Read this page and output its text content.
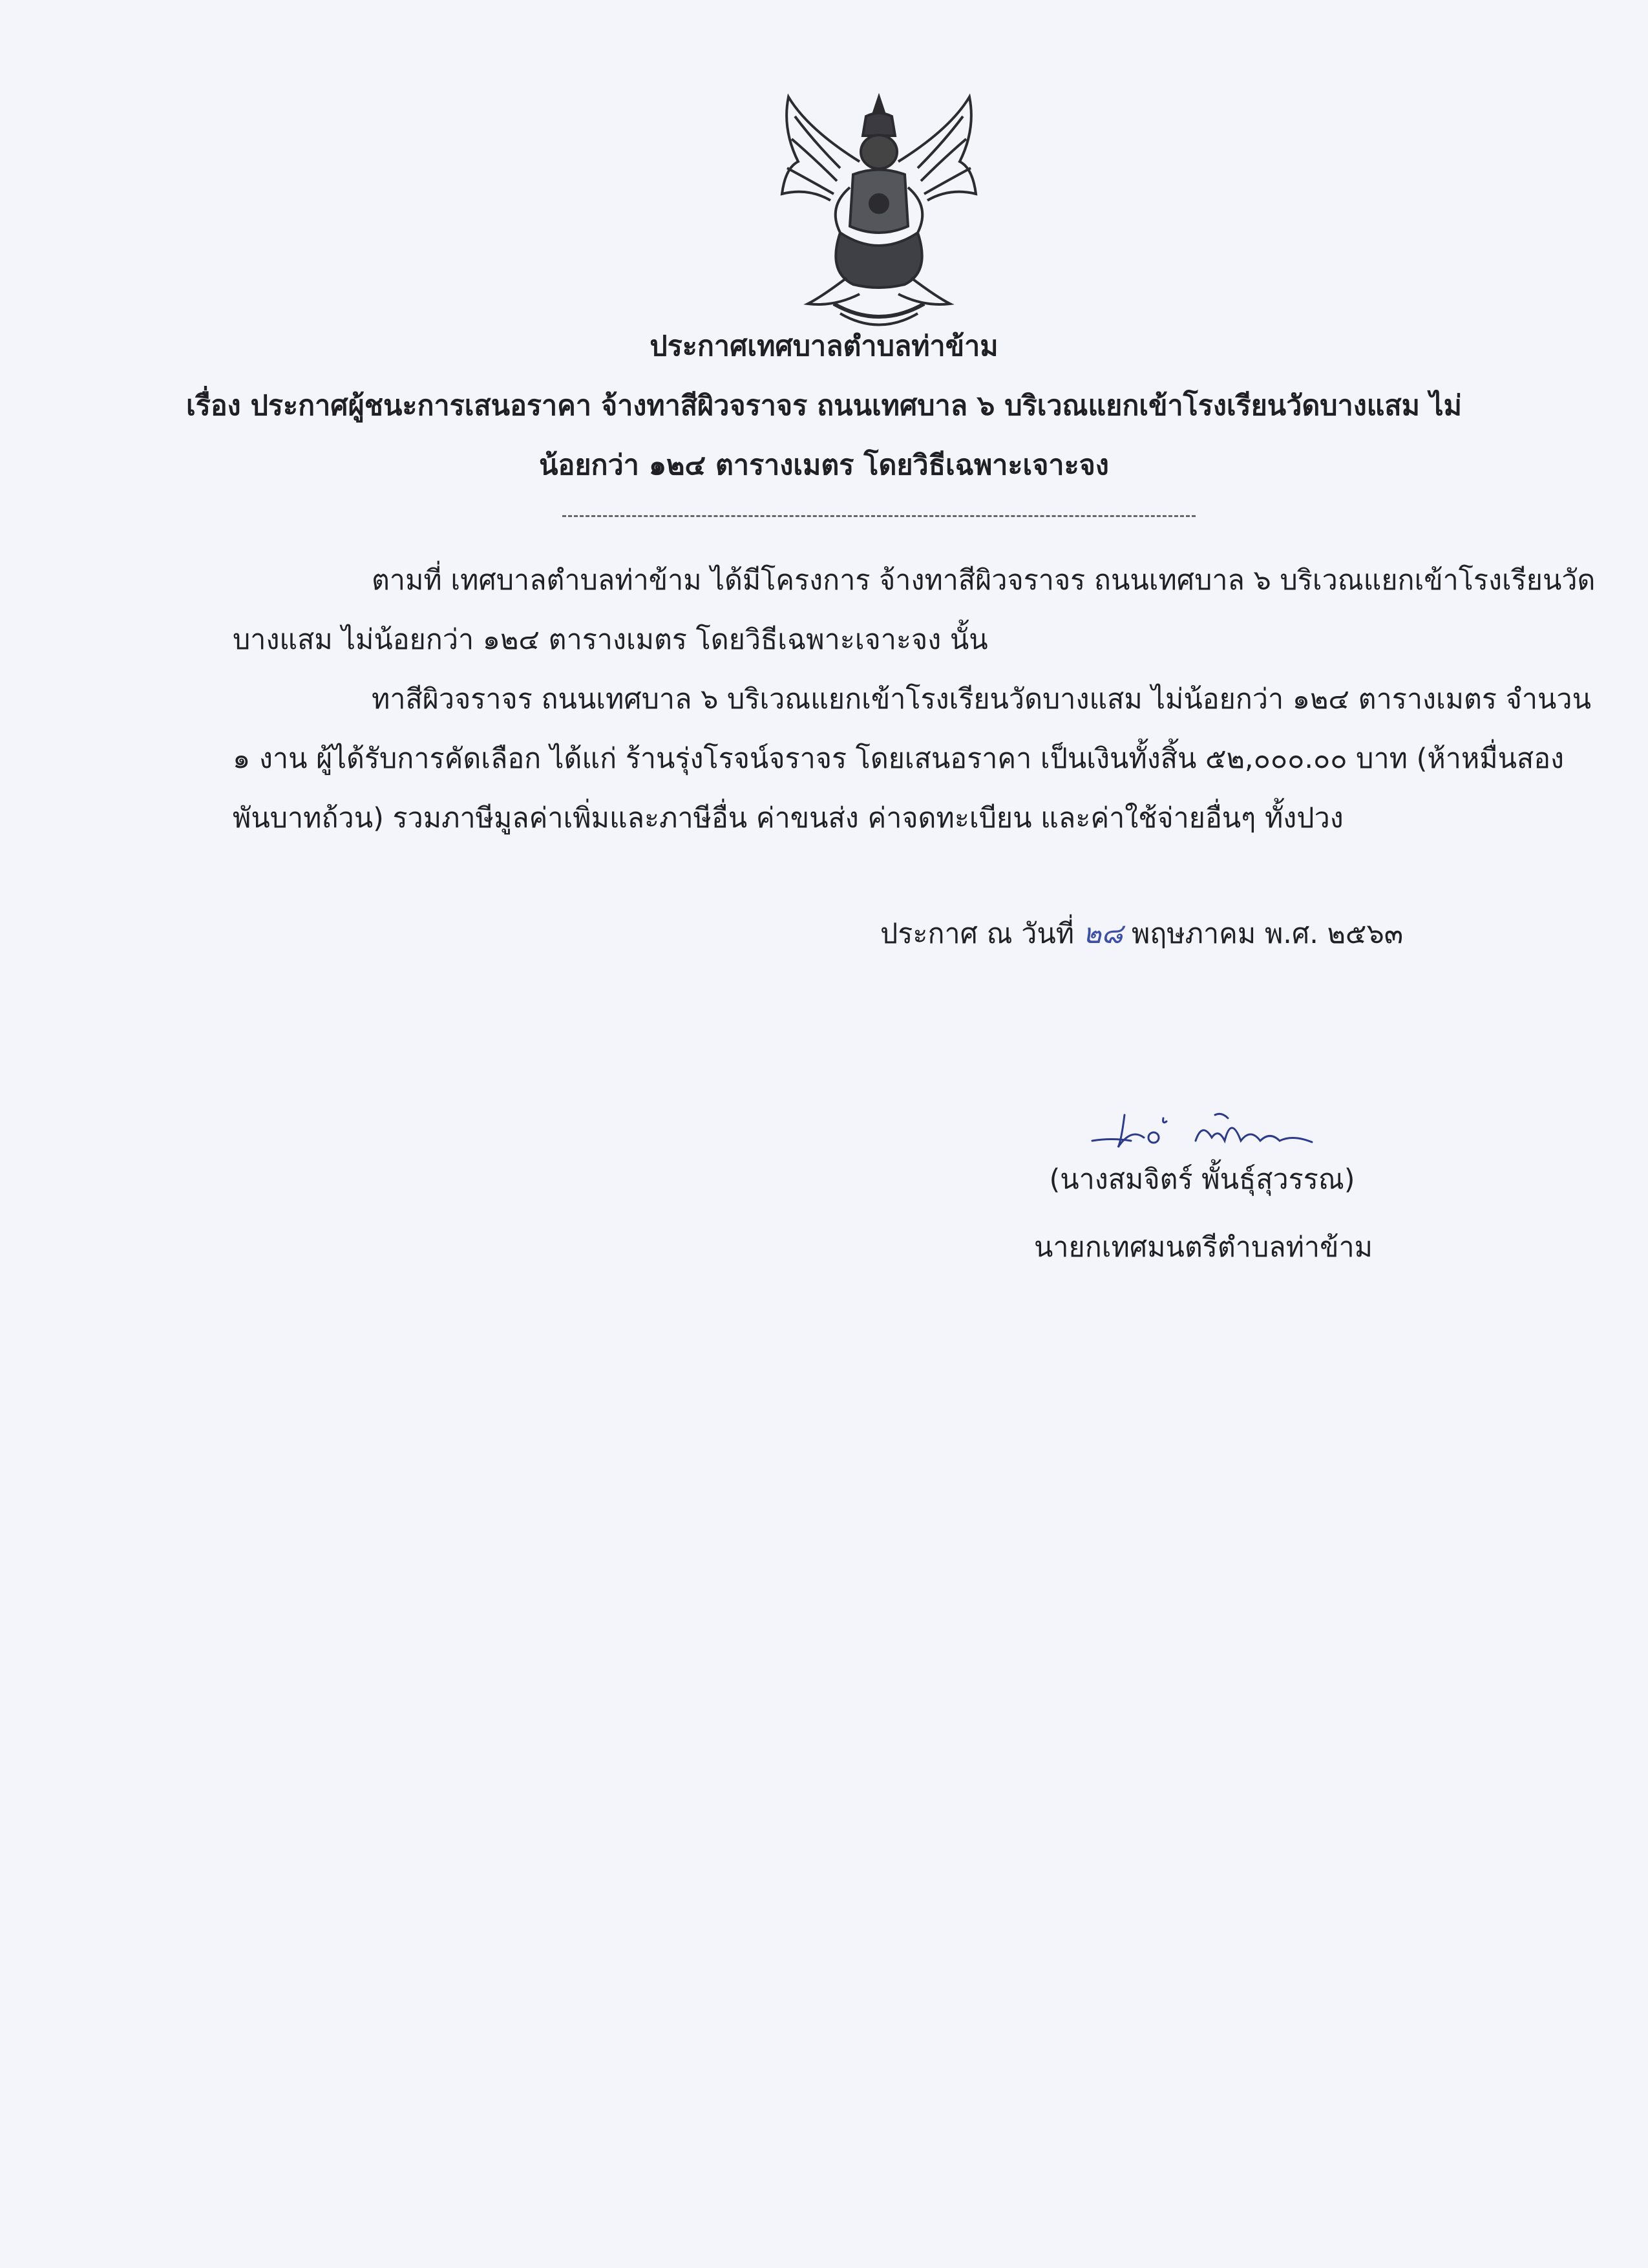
ประกาศเทศบาลตำบลท่าข้าม
เรื่อง ประกาศผู้ชนะการเสนอราคา จ้างทาสีผิวจราจร ถนนเทศบาล ๖ บริเวณแยกเข้าโรงเรียนวัดบางแสม ไม่
น้อยกว่า ๑๒๔ ตารางเมตร โดยวิธีเฉพาะเจาะจง
ตามที่ เทศบาลตำบลท่าข้าม ได้มีโครงการ จ้างทาสีผิวจราจร ถนนเทศบาล ๖ บริเวณแยกเข้าโรงเรียนวัด
บางแสม ไม่น้อยกว่า ๑๒๔ ตารางเมตร โดยวิธีเฉพาะเจาะจง นั้น
ทาสีผิวจราจร ถนนเทศบาล ๖ บริเวณแยกเข้าโรงเรียนวัดบางแสม ไม่น้อยกว่า ๑๒๔ ตารางเมตร จำนวน
๑ งาน ผู้ได้รับการคัดเลือก ได้แก่ ร้านรุ่งโรจน์จราจร โดยเสนอราคา เป็นเงินทั้งสิ้น ๕๒,๐๐๐.๐๐ บาท (ห้าหมื่นสอง
พันบาทถ้วน) รวมภาษีมูลค่าเพิ่มและภาษีอื่น ค่าขนส่ง ค่าจดทะเบียน และค่าใช้จ่ายอื่นๆ ทั้งปวง
ประกาศ ณ วันที่ ๒๘ พฤษภาคม พ.ศ. ๒๕๖๓
(นางสมจิตร์ พั้นธุ์สุวรรณ)
นายกเทศมนตรีตำบลท่าข้าม
